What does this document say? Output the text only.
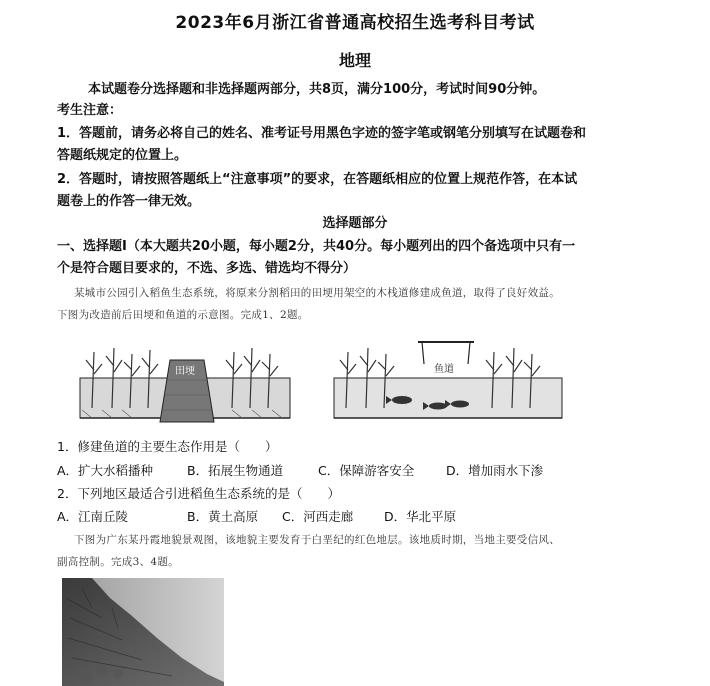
2023年6月浙江省普通高校招生选考科目考试
地理
本试题卷分选择题和非选择题两部分，共8页，满分100分，考试时间90分钟。
考生注意：
1．答题前，请务必将自己的姓名、准考证号用黑色字迹的签字笔或钢笔分别填写在试题卷和
答题纸规定的位置上。
2．答题时，请按照答题纸上“注意事项”的要求，在答题纸相应的位置上规范作答，在本试
题卷上的作答一律无效。
选择题部分
一、选择题Ⅰ（本大题共20小题，每小题2分，共40分。每小题列出的四个备选项中只有一
个是符合题目要求的，不选、多选、错选均不得分）
某城市公园引入稻鱼生态系统，将原来分割稻田的田埂用架空的木栈道修建成鱼道，取得了良好效益。
下图为改造前后田埂和鱼道的示意图。完成1、2题。
田埂	鱼道
1．修建鱼道的主要生态作用是（　　）
A．扩大水稻播种	B．拓展生物通道	C．保障游客安全	D．增加雨水下渗
2．下列地区最适合引进稻鱼生态系统的是（　　）
A．江南丘陵	B．黄土高原 C．河西走廊 D．华北平原
下图为广东某丹霞地貌景观图，该地貌主要发育于白垩纪的红色地层。该地质时期，当地主要受信风、
副高控制。完成3、4题。
